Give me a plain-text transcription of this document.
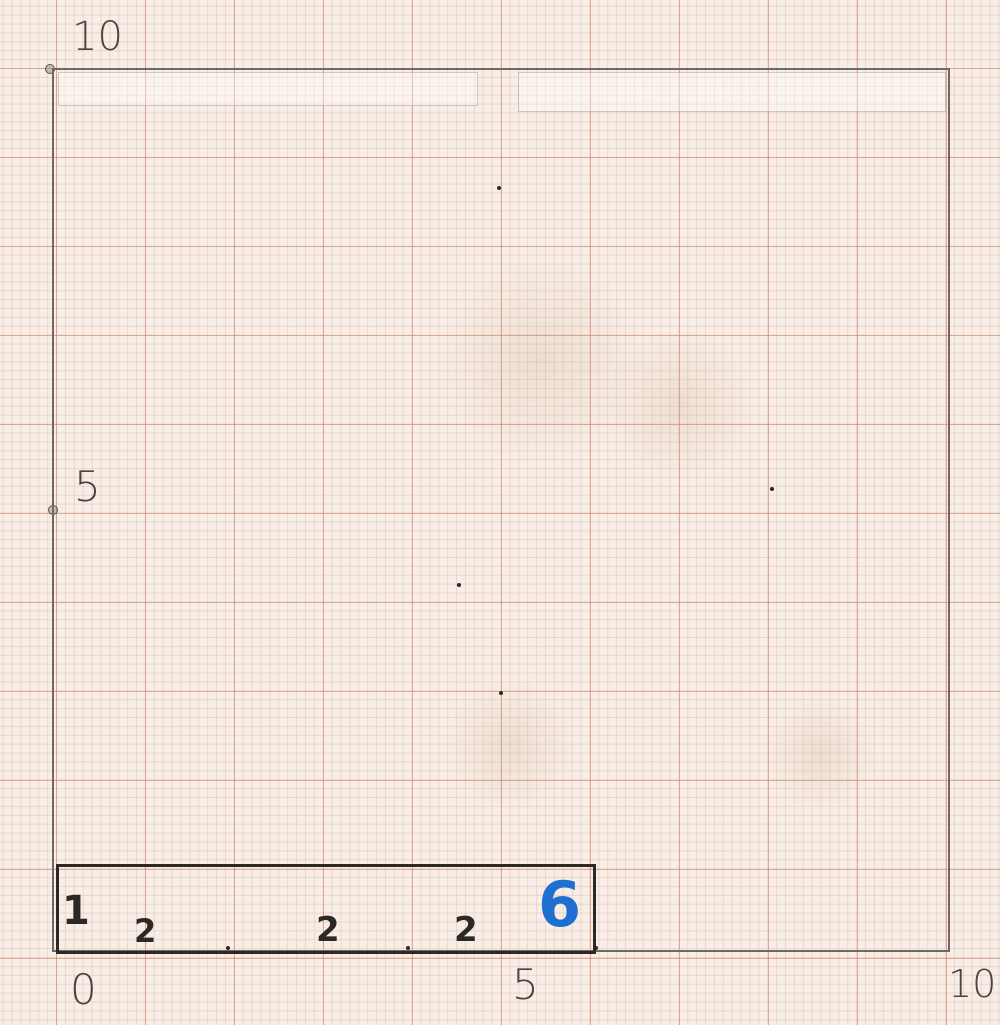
10
5
0	5	10
1 2	2	2 6
